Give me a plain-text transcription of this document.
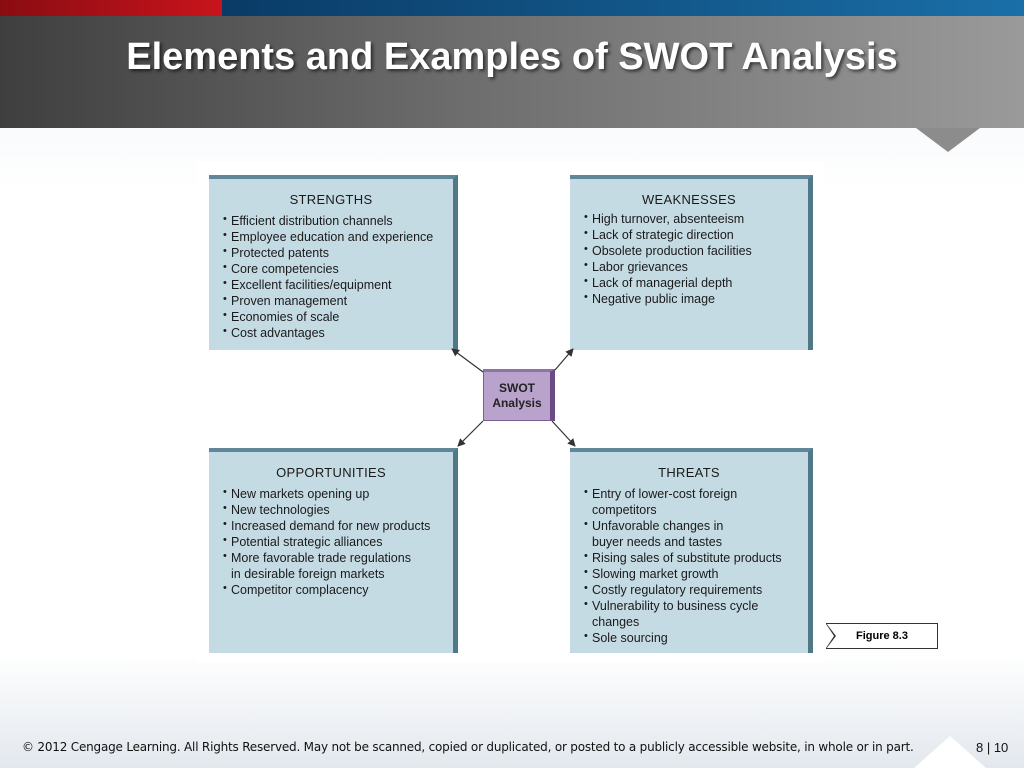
Elements and Examples of SWOT Analysis
STRENGTHS
• Efficient distribution channels
• Employee education and experience
• Protected patents
• Core competencies
• Excellent facilities/equipment
• Proven management
• Economies of scale
• Cost advantages
WEAKNESSES
• High turnover, absenteeism
• Lack of strategic direction
• Obsolete production facilities
• Labor grievances
• Lack of managerial depth
• Negative public image
OPPORTUNITIES
• New markets opening up
• New technologies
• Increased demand for new products
• Potential strategic alliances
• More favorable trade regulations
in desirable foreign markets
• Competitor complacency
THREATS
• Entry of lower-cost foreign
competitors
• Unfavorable changes in
buyer needs and tastes
• Rising sales of substitute products
• Slowing market growth
• Costly regulatory requirements
• Vulnerability to business cycle
changes
• Sole sourcing
SWOT
Analysis
Figure 8.3
© 2012 Cengage Learning. All Rights Reserved. May not be scanned, copied or duplicated, or posted to a publicly accessible website, in whole or in part.	8 | 10
